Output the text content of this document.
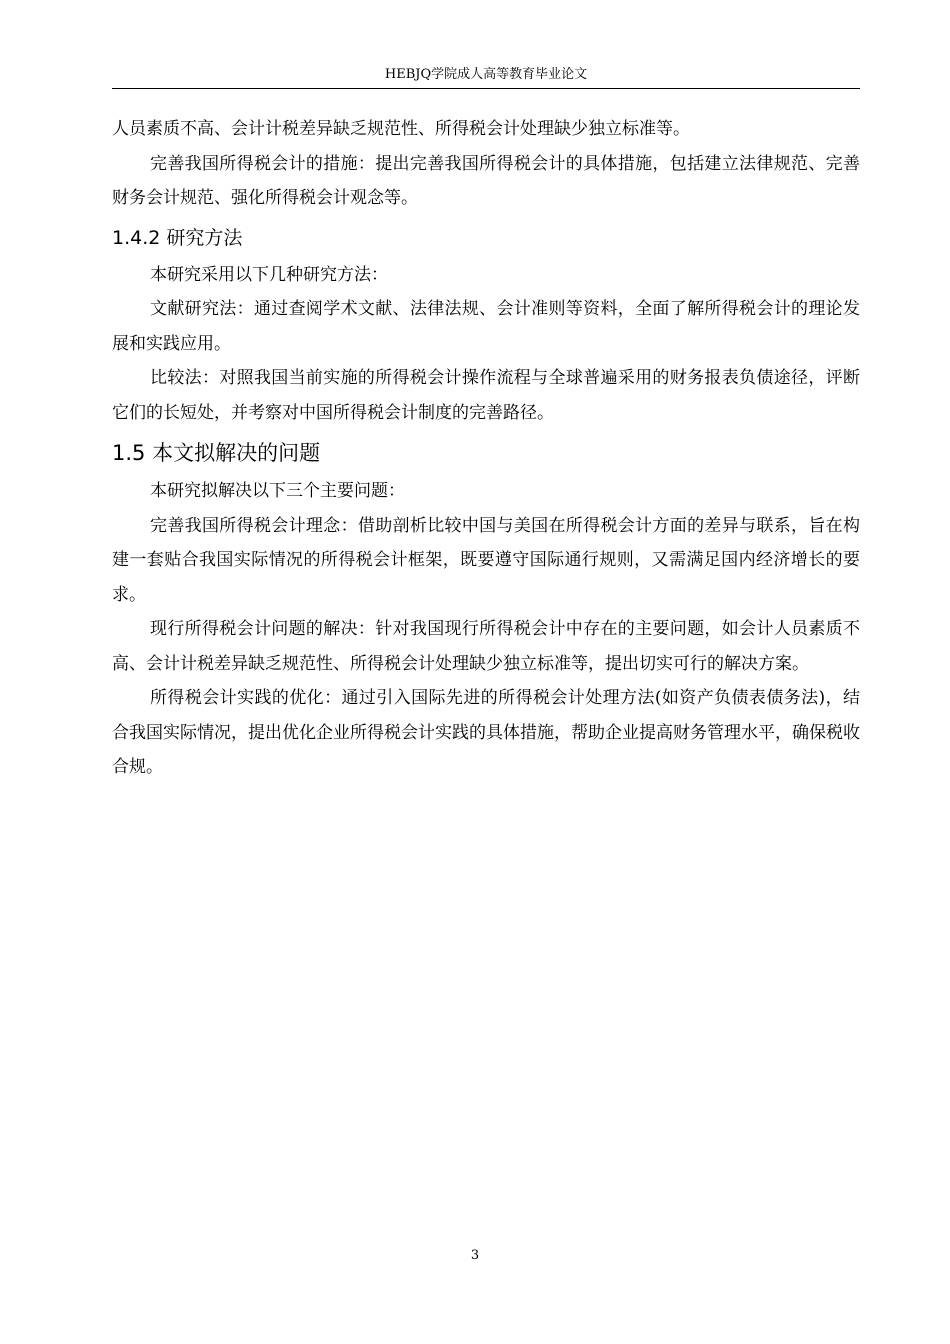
HEBJQ学院成人高等教育毕业论文

人员素质不高、会计计税差异缺乏规范性、所得税会计处理缺少独立标准等。

完善我国所得税会计的措施：提出完善我国所得税会计的具体措施，包括建立法律规范、完善财务会计规范、强化所得税会计观念等。

1.4.2 研究方法

本研究采用以下几种研究方法：

文献研究法：通过查阅学术文献、法律法规、会计准则等资料，全面了解所得税会计的理论发展和实践应用。

比较法：对照我国当前实施的所得税会计操作流程与全球普遍采用的财务报表负债途径，评断它们的长短处，并考察对中国所得税会计制度的完善路径。

1.5 本文拟解决的问题

本研究拟解决以下三个主要问题：

完善我国所得税会计理念：借助剖析比较中国与美国在所得税会计方面的差异与联系，旨在构建一套贴合我国实际情况的所得税会计框架，既要遵守国际通行规则，又需满足国内经济增长的要求。

现行所得税会计问题的解决：针对我国现行所得税会计中存在的主要问题，如会计人员素质不高、会计计税差异缺乏规范性、所得税会计处理缺少独立标准等，提出切实可行的解决方案。

所得税会计实践的优化：通过引入国际先进的所得税会计处理方法(如资产负债表债务法)，结合我国实际情况，提出优化企业所得税会计实践的具体措施，帮助企业提高财务管理水平，确保税收合规。

3
